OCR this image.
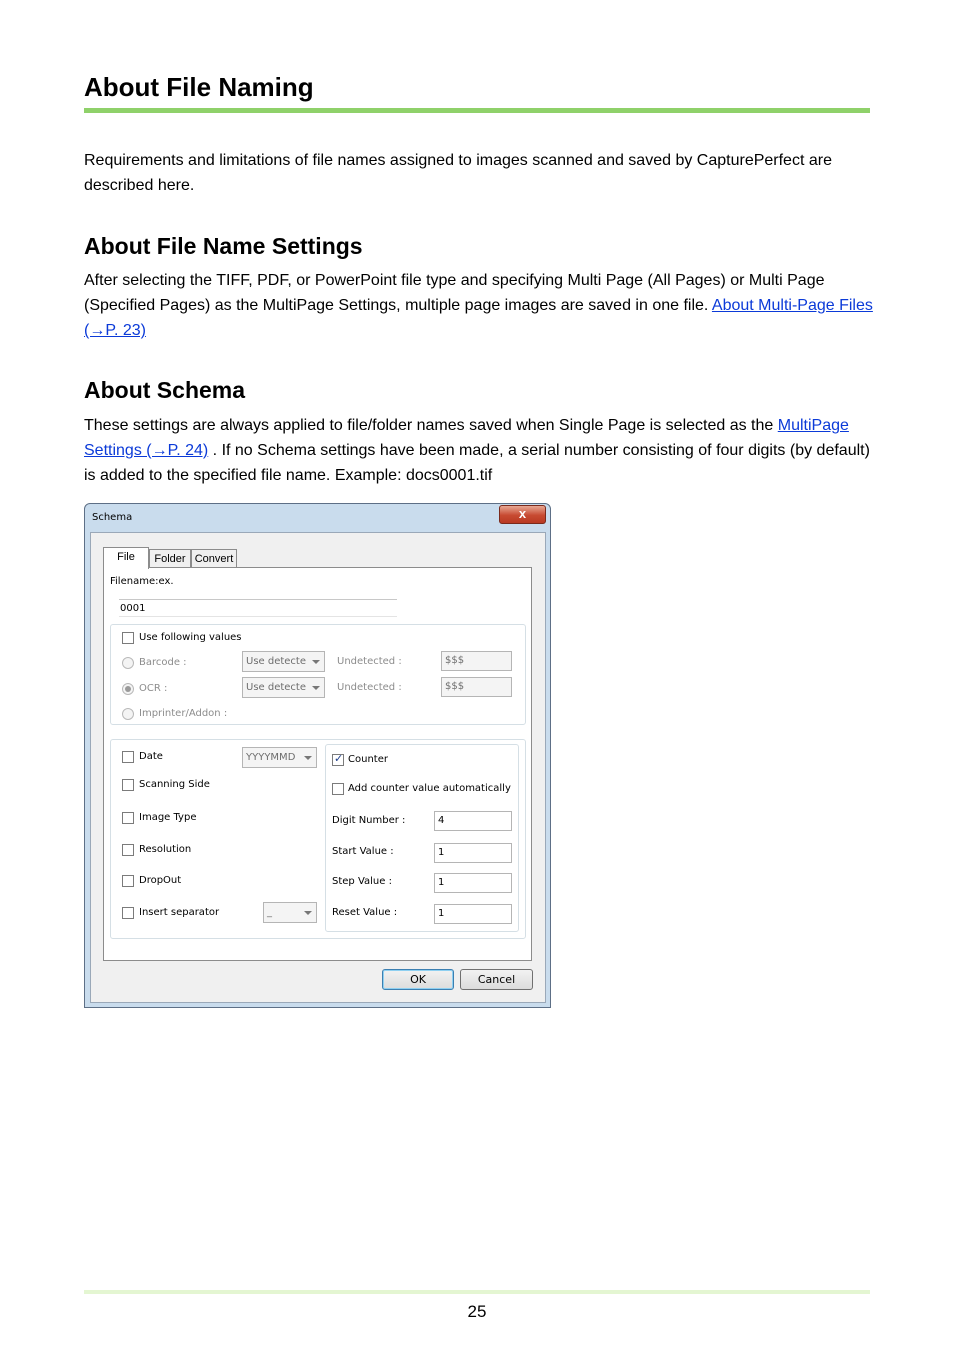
About File Naming

Requirements and limitations of file names assigned to images scanned and saved by CapturePerfect are described here.

About File Name Settings

After selecting the TIFF, PDF, or PowerPoint file type and specifying Multi Page (All Pages) or Multi Page (Specified Pages) as the MultiPage Settings, multiple page images are saved in one file. About Multi-Page Files (→P. 23)

About Schema

These settings are always applied to file/folder names saved when Single Page is selected as the MultiPage Settings (→P. 24) . If no Schema settings have been made, a serial number consisting of four digits (by default) is added to the specified file name. Example: docs0001.tif

Schema	x
File	Folder Convert
Filename:ex.
0001
Use following values
Barcode :	Use detecte	Undetected :	$$$
OCR :	Use detecte	Undetected :	$$$
Imprinter/Addon :
Date	YYYYMMD
Scanning Side
Image Type
Resolution
DropOut
Insert separator	_
✓
Counter
Add counter value automatically
Digit Number :	4
Start Value :	1
Step Value :	1
Reset Value :	1
OK	Cancel
25
